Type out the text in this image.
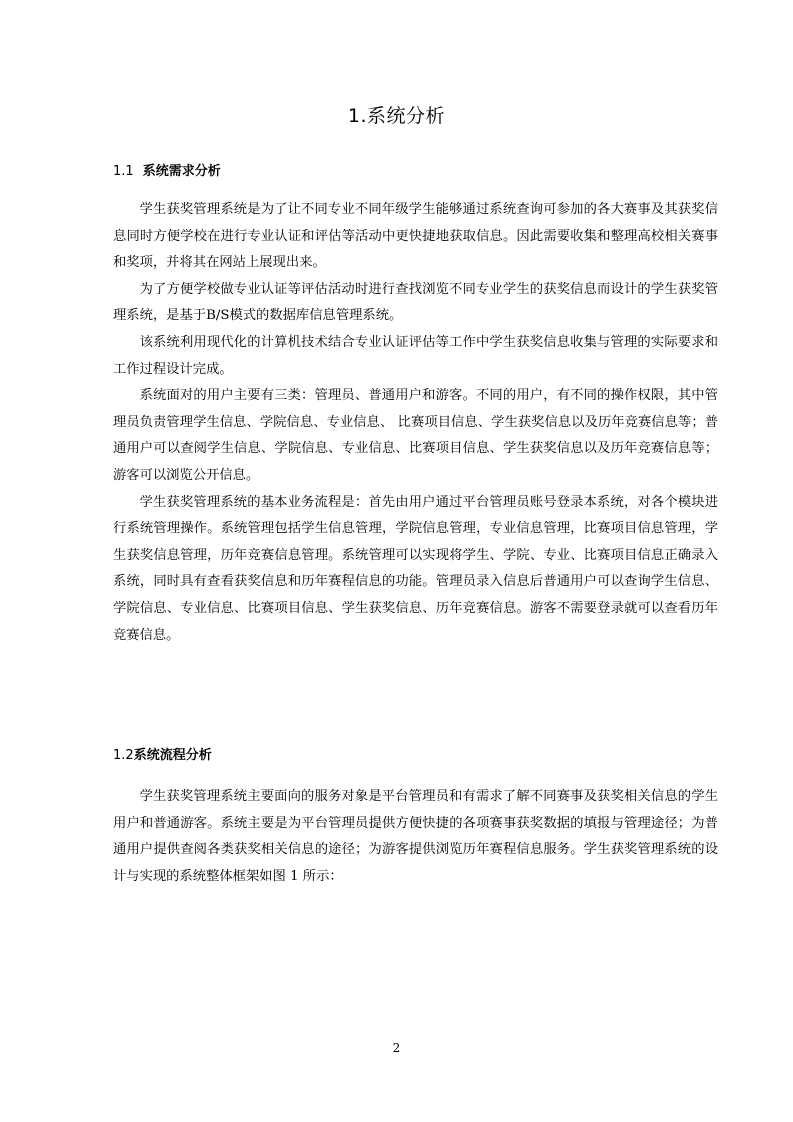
1.系统分析
1.1 系统需求分析

学生获奖管理系统是为了让不同专业不同年级学生能够通过系统查询可参加的各大赛事及其获奖信息同时方便学校在进行专业认证和评估等活动中更快捷地获取信息。因此需要收集和整理高校相关赛事和奖项，并将其在网站上展现出来。

为了方便学校做专业认证等评估活动时进行查找浏览不同专业学生的获奖信息而设计的学生获奖管理系统，是基于B/S模式的数据库信息管理系统。

该系统利用现代化的计算机技术结合专业认证评估等工作中学生获奖信息收集与管理的实际要求和工作过程设计完成。

系统面对的用户主要有三类：管理员、普通用户和游客。不同的用户，有不同的操作权限，其中管理员负责管理学生信息、学院信息、专业信息、 比赛项目信息、学生获奖信息以及历年竞赛信息等；普通用户可以查阅学生信息、学院信息、专业信息、比赛项目信息、学生获奖信息以及历年竞赛信息等；游客可以浏览公开信息。

学生获奖管理系统的基本业务流程是：首先由用户通过平台管理员账号登录本系统，对各个模块进行系统管理操作。系统管理包括学生信息管理，学院信息管理，专业信息管理，比赛项目信息管理，学生获奖信息管理，历年竞赛信息管理。系统管理可以实现将学生、学院、专业、比赛项目信息正确录入系统，同时具有查看获奖信息和历年赛程信息的功能。管理员录入信息后普通用户可以查询学生信息、学院信息、专业信息、比赛项目信息、学生获奖信息、历年竞赛信息。游客不需要登录就可以查看历年竞赛信息。

1.2系统流程分析

学生获奖管理系统主要面向的服务对象是平台管理员和有需求了解不同赛事及获奖相关信息的学生用户和普通游客。系统主要是为平台管理员提供方便快捷的各项赛事获奖数据的填报与管理途径；为普通用户提供查阅各类获奖相关信息的途径；为游客提供浏览历年赛程信息服务。学生获奖管理系统的设计与实现的系统整体框架如图 1 所示：

2
